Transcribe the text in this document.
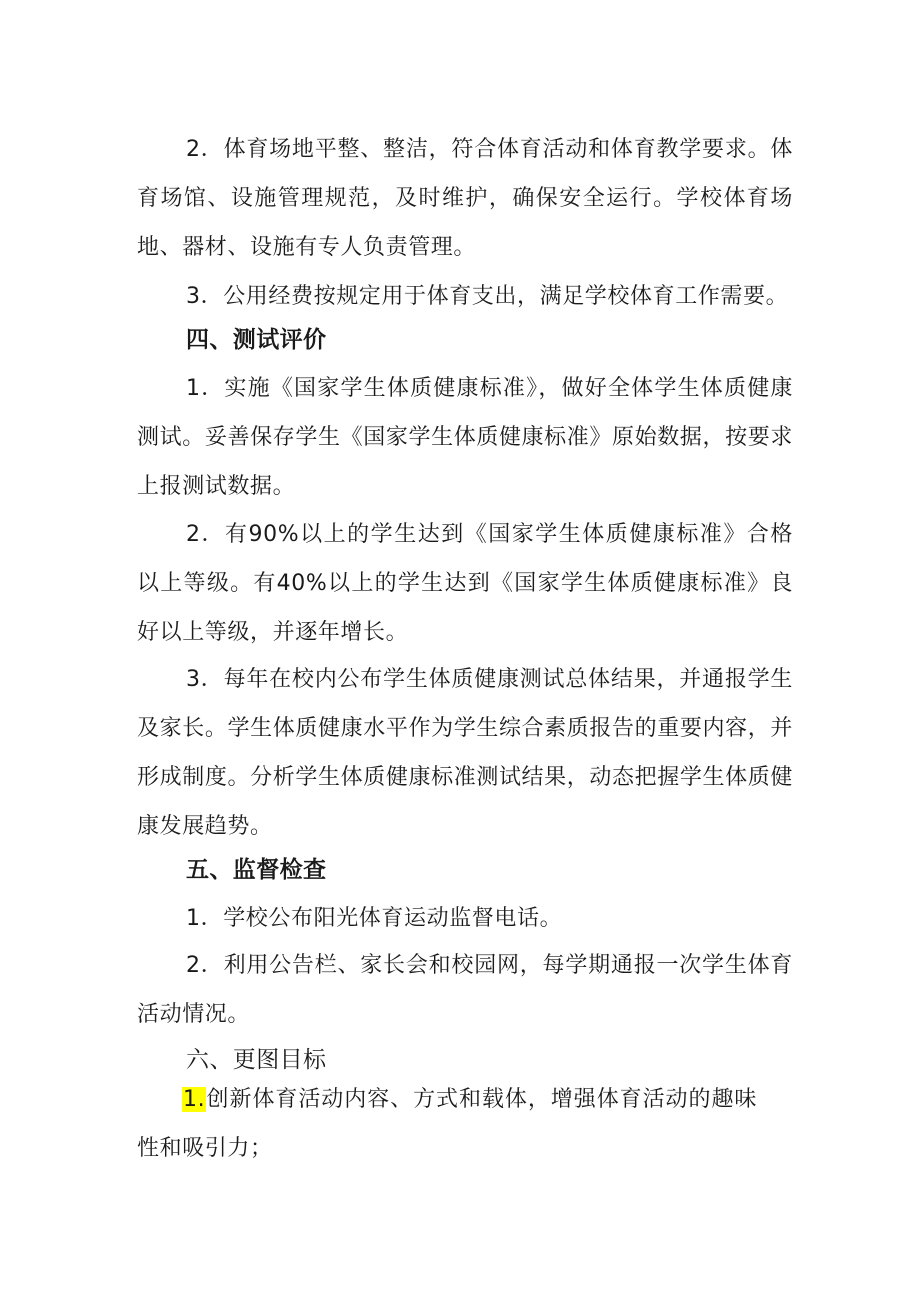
2．体育场地平整、整洁，符合体育活动和体育教学要求。体育场馆、设施管理规范，及时维护，确保安全运行。学校体育场地、器材、设施有专人负责管理。

3．公用经费按规定用于体育支出，满足学校体育工作需要。

四、测试评价

1．实施《国家学生体质健康标准》，做好全体学生体质健康测试。妥善保存学生《国家学生体质健康标准》原始数据，按要求上报测试数据。

2．有90%以上的学生达到《国家学生体质健康标准》合格以上等级。有40%以上的学生达到《国家学生体质健康标准》良好以上等级，并逐年增长。

3．每年在校内公布学生体质健康测试总体结果，并通报学生及家长。学生体质健康水平作为学生综合素质报告的重要内容，并形成制度。分析学生体质健康标准测试结果，动态把握学生体质健康发展趋势。

五、监督检查

1．学校公布阳光体育运动监督电话。

2．利用公告栏、家长会和校园网，每学期通报一次学生体育活动情况。

六、更图目标

1.创新体育活动内容、方式和载体，增强体育活动的趣味性和吸引力；
